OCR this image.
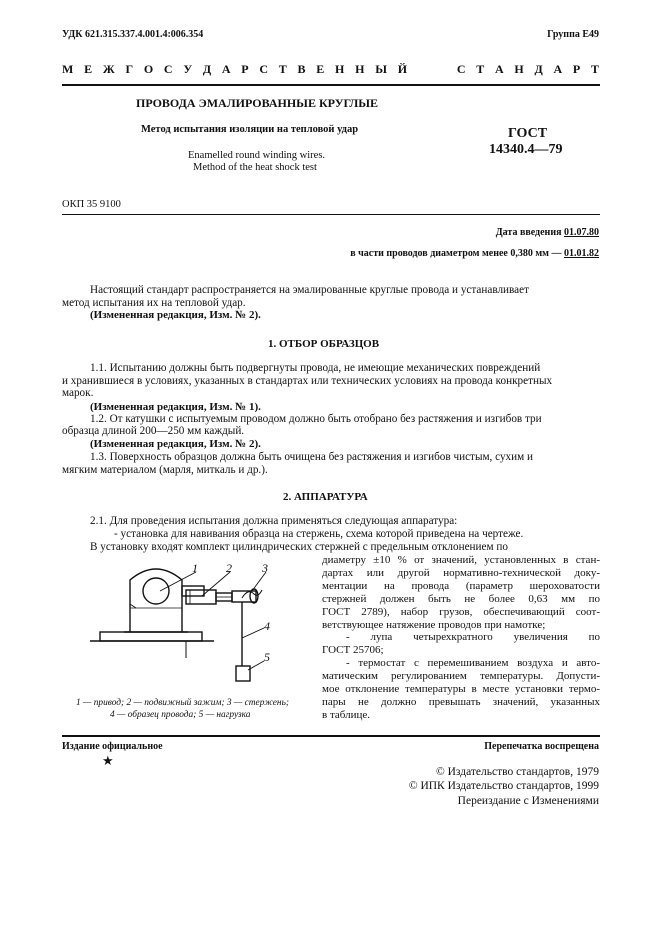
УДК 621.315.337.4.001.4:006.354	Группа Е49
М Е Ж Г О С У Д А Р С Т В Е Н Н Ы Й     С Т А Н Д А Р Т
ПРОВОДА ЭМАЛИРОВАННЫЕ КРУГЛЫЕ
Метод испытания изоляции на тепловой удар
Enamelled round winding wires.
Method of the heat shock test
ГОСТ
14340.4—79
ОКП 35 9100
Дата введения 01.07.80
в части проводов диаметром менее 0,380 мм — 01.01.82
Настоящий стандарт распространяется на эмалированные круглые провода и устанавливает
метод испытания их на тепловой удар.
(Измененная редакция, Изм. № 2).
1. ОТБОР ОБРАЗЦОВ
1.1. Испытанию должны быть подвергнуты провода, не имеющие механических повреждений
и хранившиеся в условиях, указанных в стандартах или технических условиях на провода конкретных
марок.
(Измененная редакция, Изм. № 1).
1.2. От катушки с испытуемым проводом должно быть отобрано без растяжения и изгибов три
образца длиной 200—250 мм каждый.
(Измененная редакция, Изм. № 2).
1.3. Поверхность образцов должна быть очищена без растяжения и изгибов чистым, сухим и
мягким материалом (марля, миткаль и др.).
2. АППАРАТУРА
2.1. Для проведения испытания должна применяться следующая аппаратура:
- установка для навивания образца на стержень, схема которой приведена на чертеже.
В установку входят комплект цилиндрических стержней с предельным отклонением по
диаметру ±10 % от значений, установленных в стан-
дартах или другой нормативно-технической доку-
ментации на провода (параметр шероховатости
стержней должен быть не более 0,63 мм по
ГОСТ 2789), набор грузов, обеспечивающий соот-
ветствующее натяжение проводов при намотке;
- лупа четырехкратного увеличения по
ГОСТ 25706;
- термостат с перемешиванием воздуха и авто-
матическим регулированием температуры. Допусти-
мое отклонение температуры в месте установки термо-
пары не должно превышать значений, указанных
в таблице.
1 2	3
4
5
1 — привод; 2 — подвижный зажим; 3 — стержень;
4 — образец провода; 5 — нагрузка
Издание официальное	Перепечатка воспрещена
★
© Издательство стандартов, 1979
© ИПК Издательство стандартов, 1999
Переиздание с Изменениями
